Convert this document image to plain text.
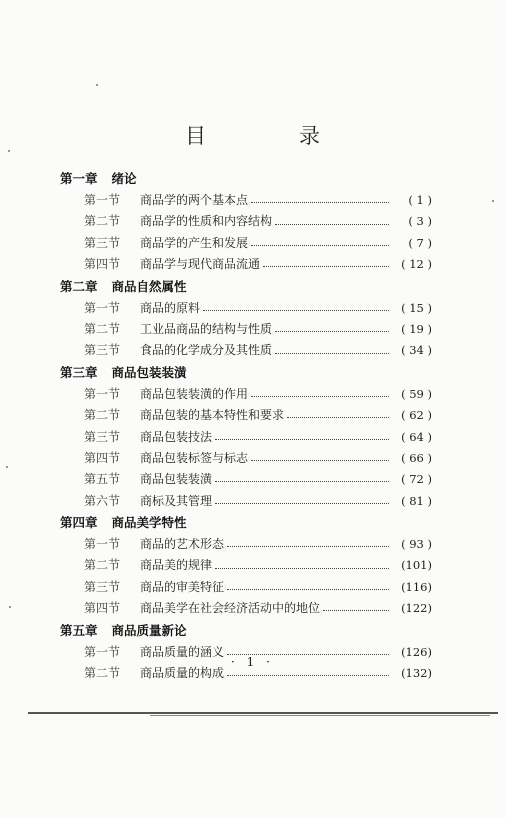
目　录
第一章 绪论
第一节	商品学的两个基本点	( 1 )
第二节	商品学的性质和内容结构	( 3 )
第三节	商品学的产生和发展	( 7 )
第四节	商品学与现代商品流通	( 12 )
第二章 商品自然属性
第一节	商品的原料	( 15 )
第二节	工业品商品的结构与性质	( 19 )
第三节	食品的化学成分及其性质	( 34 )
第三章 商品包装装潢
第一节	商品包装装潢的作用	( 59 )
第二节	商品包装的基本特性和要求	( 62 )
第三节	商品包装技法	( 64 )
第四节	商品包装标签与标志	( 66 )
第五节	商品包装装潢	( 72 )
第六节	商标及其管理	( 81 )
第四章 商品美学特性
第一节	商品的艺术形态	( 93 )
第二节	商品美的规律	(101)
第三节	商品的审美特征	(116)
第四节	商品美学在社会经济活动中的地位	(122)
第五章 商品质量新论
第一节	商品质量的涵义	(126)
第二节	商品质量的构成	(132)
· 1 ·
